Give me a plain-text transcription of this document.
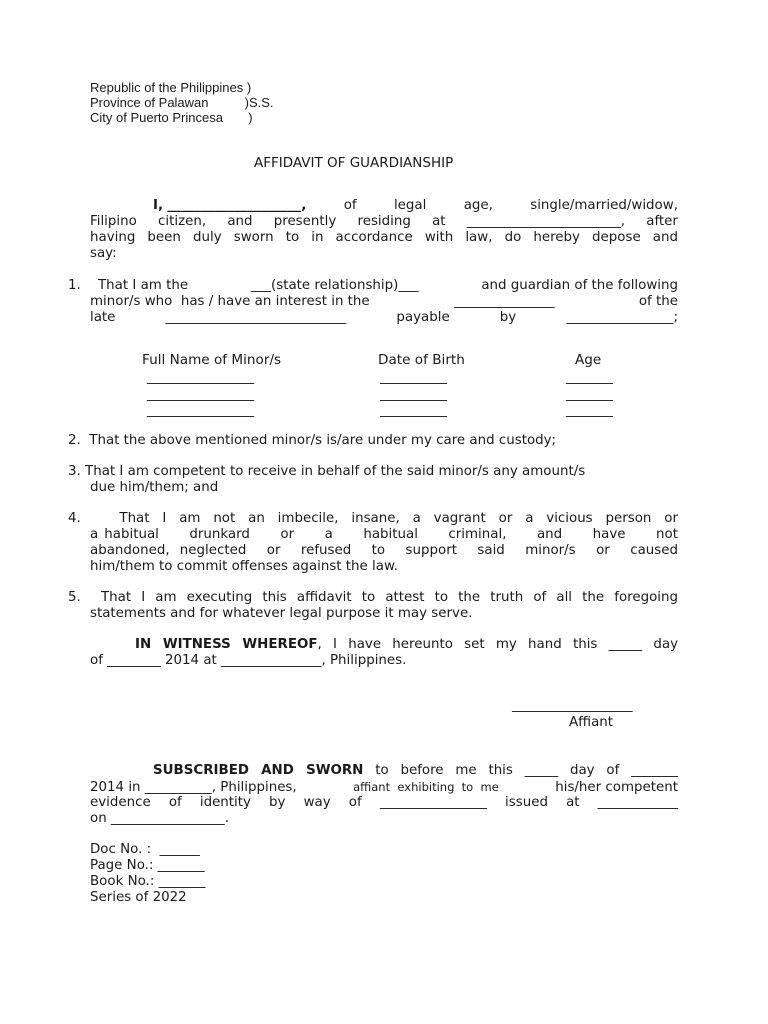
Republic of the Philippines )
Province of Palawan          )S.S.
City of Puerto Princesa       )
AFFIDAVIT OF GUARDIANSHIP
I, ____________________,	of	legal	age,	single/married/widow,
Filipino citizen, and presently residing at _______________________, after
having been duly sworn to in accordance with law, do hereby depose and
say:
1. That I am the	___(state relationship)___	and guardian of the following
minor/s who  has / have an interest in the	_______________	of the
late	___________________________	payable	by	________________;
Full Name of Minor/s	Date of Birth	Age
________________	__________	_______
________________	__________	_______
________________	__________	_______
2.  That the above mentioned minor/s is/are under my care and custody;
3. That I am competent to receive in behalf of the said minor/s any amount/s
due him/them; and
4.   That I am not an imbecile, insane, a vagrant or a vicious person or
a habitual     drunkard     or     a     habitual     criminal,     and     have     not
abandoned, neglected  or  refused  to  support  said  minor/s  or  caused
him/them to commit offenses against the law.
5.  That I am executing this affidavit to attest to the truth of all the foregoing
statements and for whatever legal purpose it may serve.
IN WITNESS WHEREOF, I have hereunto set my hand this _____ day
of ________ 2014 at _______________, Philippines.
__________________
Affiant
SUBSCRIBED AND SWORN to before me this _____ day of _______
2014 in __________, Philippines,	affiant  exhibiting  to  me	his/her competent
evidence of identity by way of ________________ issued at ____________
on _________________.
Doc No. :  ______
Page No.: _______
Book No.: _______
Series of 2022
